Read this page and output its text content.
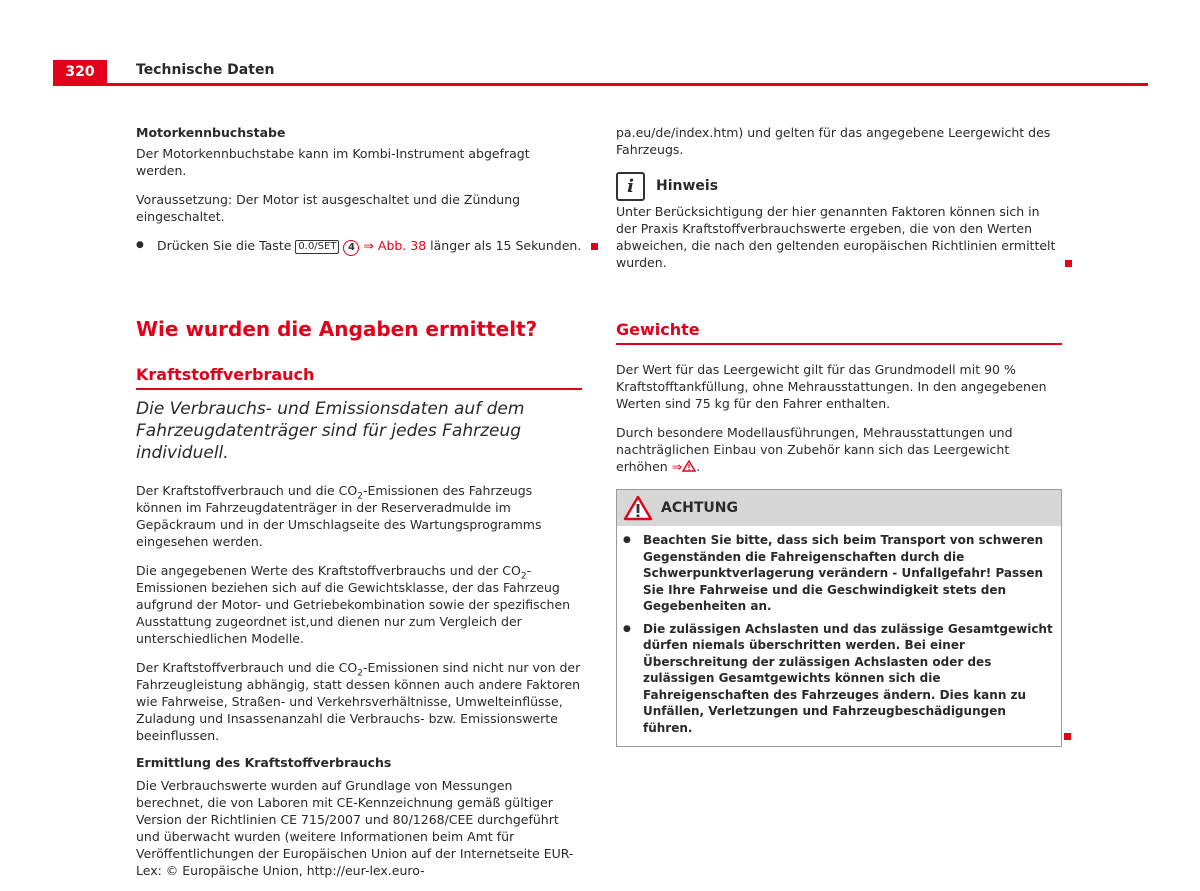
320	Technische Daten
Motorkennbuchstabe

Der Motorkennbuchstabe kann im Kombi-Instrument abgefragt werden.

Voraussetzung: Der Motor ist ausgeschaltet und die Zündung eingeschaltet.

● Drücken Sie die Taste 0.0/SET 4 ⇒ Abb. 38 länger als 15 Sekunden.

Wie wurden die Angaben ermittelt?
Kraftstoffverbrauch
Die Verbrauchs- und Emissionsdaten auf dem Fahrzeugdatenträger sind für jedes Fahrzeug individuell.

Der Kraftstoffverbrauch und die $CO_2$-Emissionen des Fahrzeugs können im Fahrzeugdatenträger in der Reserveradmulde im Gepäckraum und in der Umschlagseite des Wartungsprogramms eingesehen werden.

Die angegebenen Werte des Kraftstoffverbrauchs und der $CO_2$-Emissionen beziehen sich auf die Gewichtsklasse, der das Fahrzeug aufgrund der Motor- und Getriebekombination sowie der spezifischen Ausstattung zugeordnet ist,und dienen nur zum Vergleich der unterschiedlichen Modelle.

Der Kraftstoffverbrauch und die $CO_2$-Emissionen sind nicht nur von der Fahrzeugleistung abhängig, statt dessen können auch andere Faktoren wie Fahrweise, Straßen- und Verkehrsverhältnisse, Umwelteinflüsse, Zuladung und Insassenanzahl die Verbrauchs- bzw. Emissionswerte beeinflussen.

Ermittlung des Kraftstoffverbrauchs

Die Verbrauchswerte wurden auf Grundlage von Messungen berechnet, die von Laboren mit CE-Kennzeichnung gemäß gültiger Version der Richtlinien CE 715/2007 und 80/1268/CEE durchgeführt und überwacht wurden (weitere Informationen beim Amt für Veröffentlichungen der Europäischen Union auf der Internetseite EUR-Lex: © Europäische Union, http://eur-lex.euro-

pa.eu/de/index.htm) und gelten für das angegebene Leergewicht des Fahrzeugs.

i	Hinweis

Unter Berücksichtigung der hier genannten Faktoren können sich in der Praxis Kraftstoffverbrauchswerte ergeben, die von den Werten abweichen, die nach den geltenden europäischen Richtlinien ermittelt wurden.

Gewichte

Der Wert für das Leergewicht gilt für das Grundmodell mit 90 % Kraftstofftankfüllung, ohne Mehrausstattungen. In den angegebenen Werten sind 75 kg für den Fahrer enthalten.

Durch besondere Modellausführungen, Mehrausstattungen und nachträglichen Einbau von Zubehör kann sich das Leergewicht erhöhen ⇒ .

ACHTUNG

● Beachten Sie bitte, dass sich beim Transport von schweren Gegenständen die Fahreigenschaften durch die Schwerpunktverlagerung verändern - Unfallgefahr! Passen Sie Ihre Fahrweise und die Geschwindigkeit stets den Gegebenheiten an.

● Die zulässigen Achslasten und das zulässige Gesamtgewicht dürfen niemals überschritten werden. Bei einer Überschreitung der zulässigen Achslasten oder des zulässigen Gesamtgewichts können sich die Fahreigenschaften des Fahrzeuges ändern. Dies kann zu Unfällen, Verletzungen und Fahrzeugbeschädigungen führen.
